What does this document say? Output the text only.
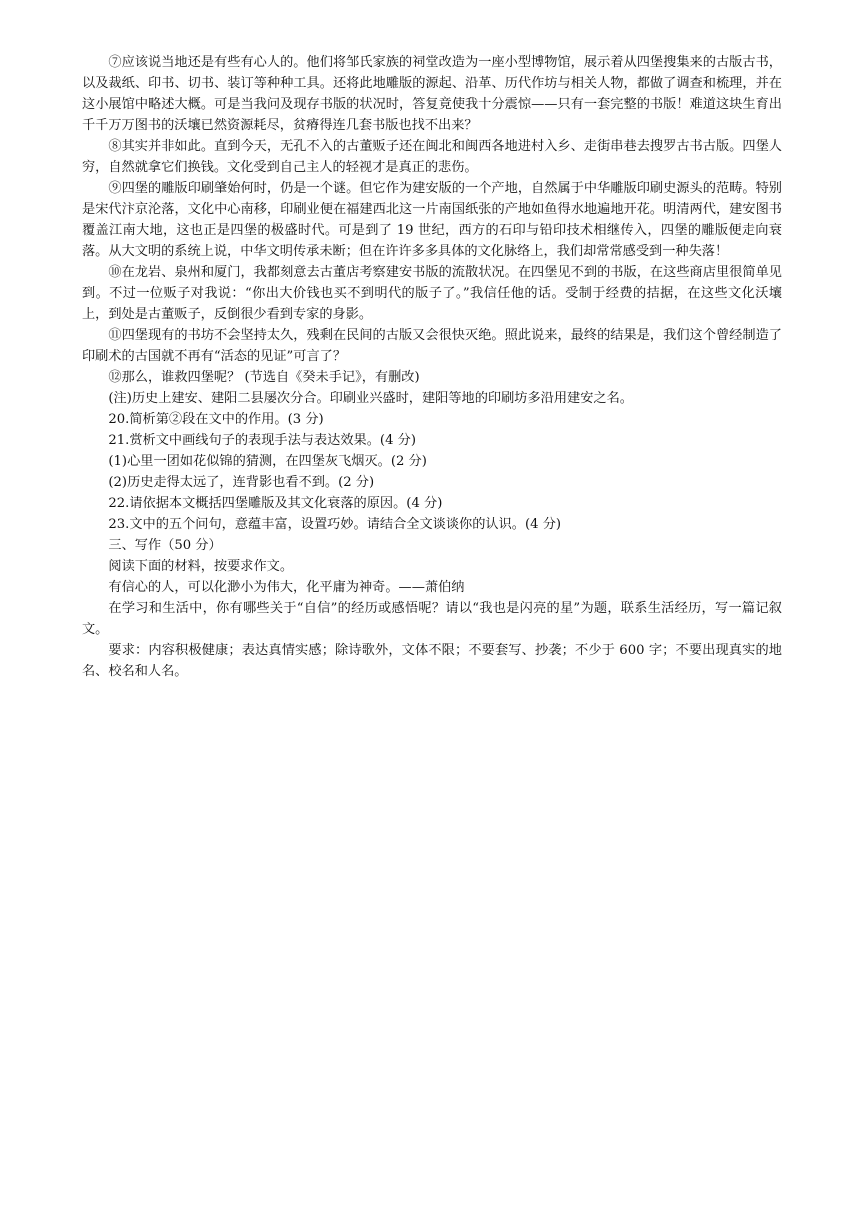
⑦应该说当地还是有些有心人的。他们将邹氏家族的祠堂改造为一座小型博物馆，展示着从四堡搜集来的古版古书，以及裁纸、印书、切书、装订等种种工具。还将此地雕版的源起、沿革、历代作坊与相关人物，都做了调查和梳理，并在这小展馆中略述大概。可是当我问及现存书版的状况时，答复竟使我十分震惊——只有一套完整的书版！难道这块生育出千千万万图书的沃壤已然资源耗尽，贫瘠得连几套书版也找不出来？

⑧其实并非如此。直到今天，无孔不入的古董贩子还在闽北和闽西各地进村入乡、走街串巷去搜罗古书古版。四堡人穷，自然就拿它们换钱。文化受到自己主人的轻视才是真正的悲伤。

⑨四堡的雕版印刷肇始何时，仍是一个谜。但它作为建安版的一个产地，自然属于中华雕版印刷史源头的范畴。特别是宋代汴京沦落，文化中心南移，印刷业便在福建西北这一片南国纸张的产地如鱼得水地遍地开花。明清两代，建安图书覆盖江南大地，这也正是四堡的极盛时代。可是到了 19 世纪，西方的石印与铅印技术相继传入，四堡的雕版便走向衰落。从大文明的系统上说，中华文明传承未断；但在许许多多具体的文化脉络上，我们却常常感受到一种失落！

⑩在龙岩、泉州和厦门，我都刻意去古董店考察建安书版的流散状况。在四堡见不到的书版，在这些商店里很简单见到。不过一位贩子对我说：“你出大价钱也买不到明代的版子了。”我信任他的话。受制于经费的拮据，在这些文化沃壤上，到处是古董贩子，反倒很少看到专家的身影。

⑪四堡现有的书坊不会坚持太久，残剩在民间的古版又会很快灭绝。照此说来，最终的结果是，我们这个曾经制造了印刷术的古国就不再有“活态的见证”可言了？

⑫那么，谁救四堡呢？ (节选自《癸未手记》，有删改)

(注)历史上建安、建阳二县屡次分合。印刷业兴盛时，建阳等地的印刷坊多沿用建安之名。

20.简析第②段在文中的作用。(3 分)

21.赏析文中画线句子的表现手法与表达效果。(4 分)

(1)心里一团如花似锦的猜测，在四堡灰飞烟灭。(2 分)

(2)历史走得太远了，连背影也看不到。(2 分)

22.请依据本文概括四堡雕版及其文化衰落的原因。(4 分)

23.文中的五个问句，意蕴丰富，设置巧妙。请结合全文谈谈你的认识。(4 分)

三、写作（50 分）

阅读下面的材料，按要求作文。

有信心的人，可以化渺小为伟大，化平庸为神奇。——萧伯纳

在学习和生活中，你有哪些关于“自信”的经历或感悟呢？请以“我也是闪亮的星”为题，联系生活经历，写一篇记叙文。

要求：内容积极健康；表达真情实感；除诗歌外，文体不限；不要套写、抄袭；不少于 600 字；不要出现真实的地名、校名和人名。
